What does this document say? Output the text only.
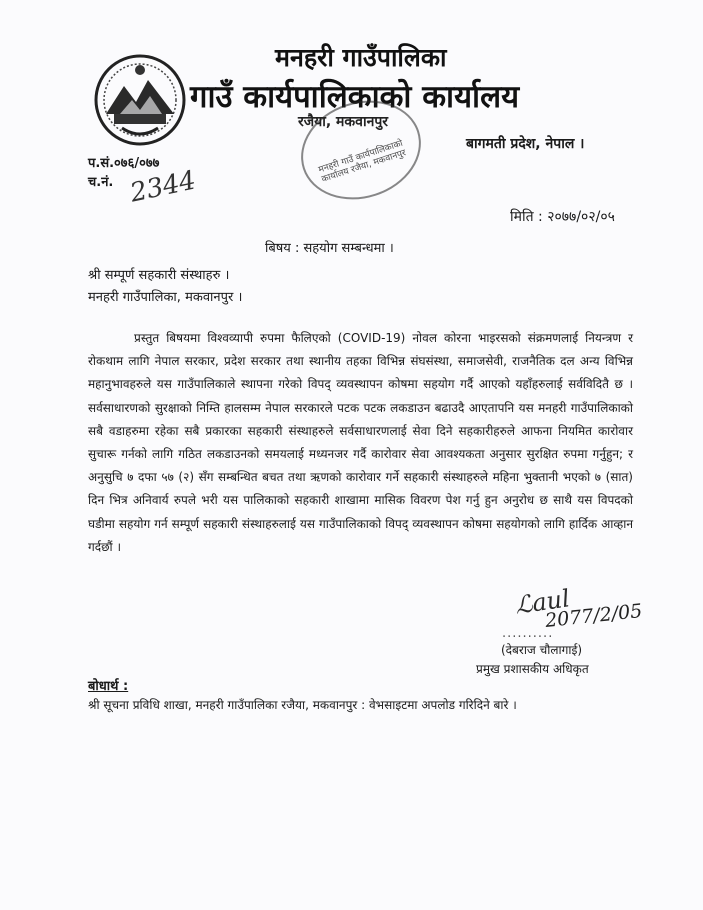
मनहरी गाउँपालिका
गाउँ कार्यपालिकाको कार्यालय
रजैया, मकवानपुर
बागमती प्रदेश, नेपाल ।
मनहरी गाउँ कार्यपालिकाको कार्यालय रजैया, मकवानपुर
प.सं.०७६/०७७
च.नं. 2344
मिति : २०७७/०२/०५
बिषय : सहयोग सम्बन्धमा ।
श्री सम्पूर्ण सहकारी संस्थाहरु ।
मनहरी गाउँपालिका, मकवानपुर ।
प्रस्तुत बिषयमा विश्वव्यापी रुपमा फैलिएको (COVID-19) नोवल कोरना भाइरसको संक्रमणलाई नियन्त्रण र रोकथाम लागि नेपाल सरकार, प्रदेश सरकार तथा स्थानीय तहका विभिन्न संघसंस्था, समाजसेवी, राजनैतिक दल अन्य विभिन्न महानुभावहरुले यस गाउँपालिकाले स्थापना गरेको विपद् व्यवस्थापन कोषमा सहयोग गर्दै आएको यहाँहरुलाई सर्वविदितै छ । सर्वसाधारणको सुरक्षाको निम्ति हालसम्म नेपाल सरकारले पटक पटक लकडाउन बढाउदै आएतापनि यस मनहरी गाउँपालिकाको सबै वडाहरुमा रहेका सबै प्रकारका सहकारी संस्थाहरुले सर्वसाधारणलाई सेवा दिने सहकारीहरुले आफना नियमित कारोवार सुचारू गर्नको लागि गठित लकडाउनको समयलाई मध्यनजर गर्दै कारोवार सेवा आवश्यकता अनुसार सुरक्षित रुपमा गर्नुहुन; र अनुसुचि ७ दफा ५७ (२) सँग सम्बन्धित बचत तथा ऋणको कारोवार गर्ने सहकारी संस्थाहरुले महिना भुक्तानी भएको ७ (सात) दिन भित्र अनिवार्य रुपले भरी यस पालिकाको सहकारी शाखामा मासिक विवरण पेश गर्नु हुन अनुरोध छ साथै यस विपदको घडीमा सहयोग गर्न सम्पूर्ण सहकारी संस्थाहरुलाई यस गाउँपालिकाको विपद् व्यवस्थापन कोषमा सहयोगको लागि हार्दिक आव्हान गर्दछौं ।
ℒaul
2077/2/05
..........
(देबराज चौलागाई)
प्रमुख प्रशासकीय अधिकृत
बोधार्थ :
श्री सूचना प्रविधि शाखा, मनहरी गाउँपालिका रजैया, मकवानपुर : वेभसाइटमा अपलोड गरिदिने बारे ।
